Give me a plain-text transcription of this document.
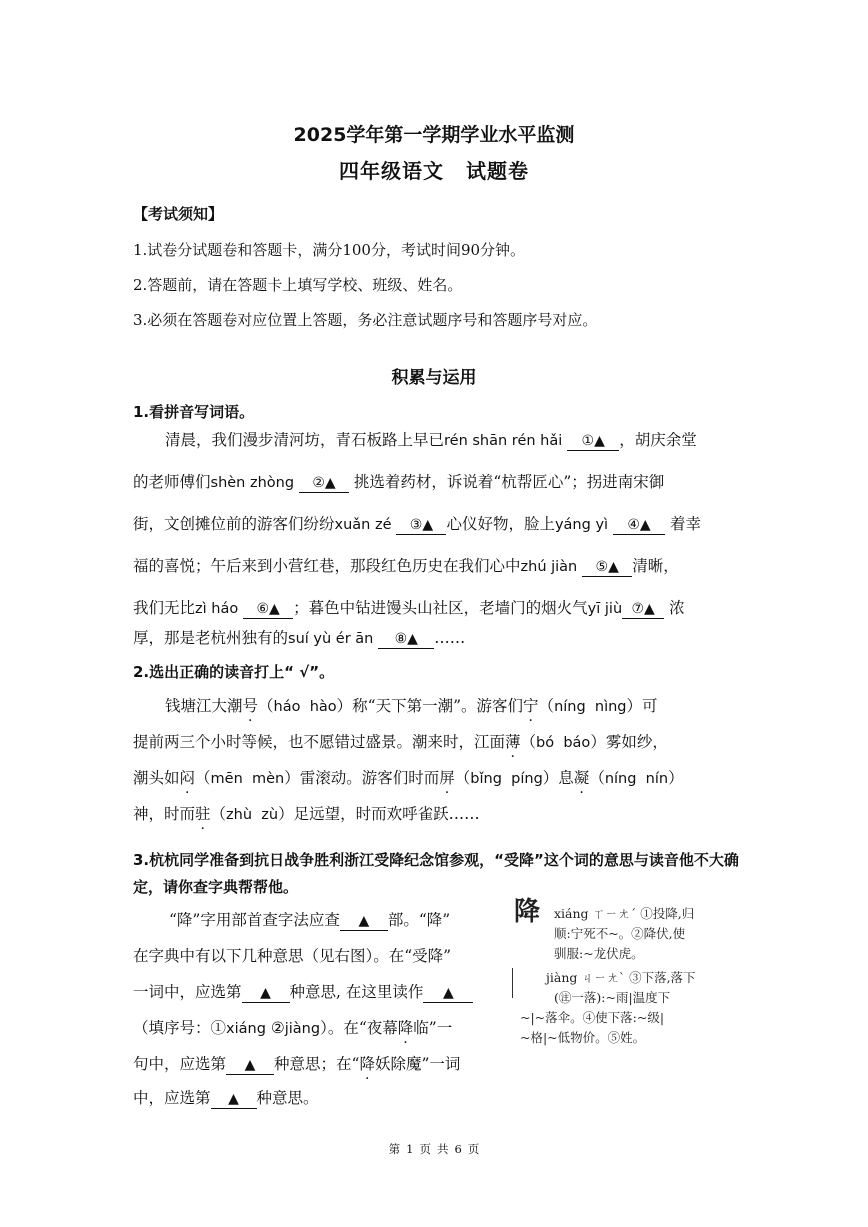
2025学年第一学期学业水平监测
四年级语文 试题卷
【考试须知】
1.试卷分试题卷和答题卡，满分100分，考试时间90分钟。
2.答题前，请在答题卡上填写学校、班级、姓名。
3.必须在答题卷对应位置上答题，务必注意试题序号和答题序号对应。
积累与运用
1.看拼音写词语。
清晨，我们漫步清河坊，青石板路上早已rén shān rén hǎi ①▲ ，胡庆余堂
的老师傅们shèn zhòng ②▲ 挑选着药材，诉说着“杭帮匠心”；拐进南宋御
街，文创摊位前的游客们纷纷xuǎn zé ③▲ 心仪好物，脸上yáng yì ④▲ 着幸
福的喜悦；午后来到小营红巷，那段红色历史在我们心中zhú jiàn ⑤▲ 清晰，
我们无比zì háo ⑥▲ ；暮色中钻进馒头山社区，老墙门的烟火气yī jiù ⑦▲ 浓
厚，那是老杭州独有的suí yù ér ān ⑧▲ ……
2.选出正确的读音打上“ √”。
钱塘江大潮号（háo  hào）称“天下第一潮”。游客们宁（níng  nìng）可
提前两三个小时等候，也不愿错过盛景。潮来时，江面薄（bó  báo）雾如纱，
潮头如闷（mēn  mèn）雷滚动。游客们时而屏（bǐng  píng）息凝（níng  nín）
神，时而驻（zhù  zù）足远望，时而欢呼雀跃……
3.杭杭同学准备到抗日战争胜利浙江受降纪念馆参观，“受降”这个词的意思与读音他不大确定，请你查字典帮帮他。
“降”字用部首查字法应查 ▲ 部。“降”
在字典中有以下几种意思（见右图）。在“受降”
一词中，应选第 ▲ 种意思, 在这里读作 ▲
（填序号：①xiáng ②jiàng）。在“夜幕降临”一
句中，应选第 ▲ 种意思；在“降妖除魔”一词
中，应选第 ▲ 种意思。
降 xiáng ㄒㄧㄤˊ ①投降,归
顺:宁死不~。②降伏,使
驯服:~龙伏虎。
jiàng ㄐㄧㄤˋ ③下落,落下
(㊟一落):~雨|温度下
~|~落伞。④使下落:~级|
~格|~低物价。⑤姓。
第 1 页 共 6 页
